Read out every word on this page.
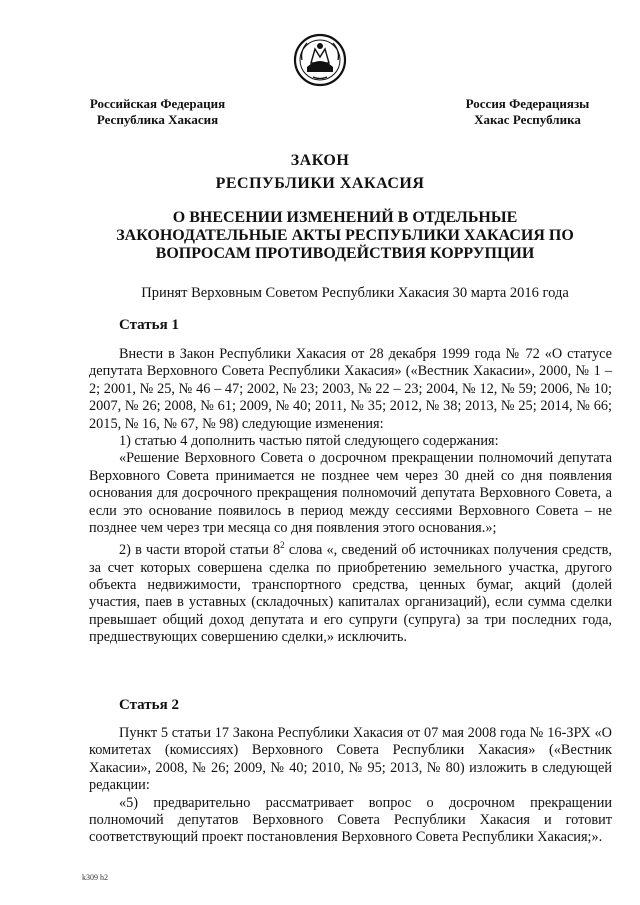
Российская Федерация
Республика Хакасия
Россия Федерациязы
Хакас Республика
ЗАКОН
РЕСПУБЛИКИ ХАКАСИЯ
О ВНЕСЕНИИ ИЗМЕНЕНИЙ В ОТДЕЛЬНЫЕ ЗАКОНОДАТЕЛЬНЫЕ АКТЫ РЕСПУБЛИКИ ХАКАСИЯ ПО ВОПРОСАМ ПРОТИВОДЕЙСТВИЯ КОРРУПЦИИ
Принят Верховным Советом Республики Хакасия 30 марта 2016 года
Статья 1

Внести в Закон Республики Хакасия от 28 декабря 1999 года № 72 «О статусе депутата Верховного Совета Республики Хакасия» («Вестник Хакасии», 2000, № 1 – 2; 2001, № 25, № 46 – 47; 2002, № 23; 2003, № 22 – 23; 2004, № 12, № 59; 2006, № 10; 2007, № 26; 2008, № 61; 2009, № 40; 2011, № 35; 2012, № 38; 2013, № 25; 2014, № 66; 2015, № 16, № 67, № 98) следующие изменения:

1) статью 4 дополнить частью пятой следующего содержания:

«Решение Верховного Совета о досрочном прекращении полномочий депутата Верховного Совета принимается не позднее чем через 30 дней со дня появления основания для досрочного прекращения полномочий депутата Верховного Совета, а если это основание появилось в период между сессиями Верховного Совета – не позднее чем через три месяца со дня появления этого основания.»;

2) в части второй статьи $8^2$ слова «, сведений об источниках получения средств, за счет которых совершена сделка по приобретению земельного участка, другого объекта недвижимости, транспортного средства, ценных бумаг, акций (долей участия, паев в уставных (складочных) капиталах организаций), если сумма сделки превышает общий доход депутата и его супруги (супруга) за три последних года, предшествующих совершению сделки,» исключить.

Статья 2

Пункт 5 статьи 17 Закона Республики Хакасия от 07 мая 2008 года № 16-ЗРХ «О комитетах (комиссиях) Верховного Совета Республики Хакасия» («Вестник Хакасии», 2008, № 26; 2009, № 40; 2010, № 95; 2013, № 80) изложить в следующей редакции:

«5) предварительно рассматривает вопрос о досрочном прекращении полномочий депутатов Верховного Совета Республики Хакасия и готовит соответствующий проект постановления Верховного Совета Республики Хакасия;».

k309 h2
